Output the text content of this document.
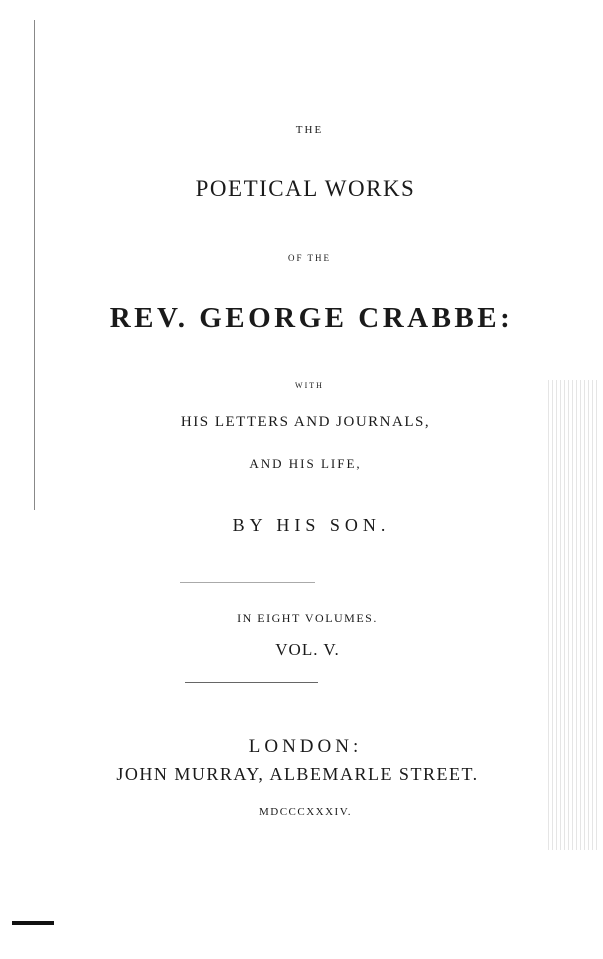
THE
POETICAL WORKS
OF THE
REV. GEORGE CRABBE:
WITH
HIS LETTERS AND JOURNALS,
AND HIS LIFE,
BY HIS SON.
IN EIGHT VOLUMES.
VOL. V.
LONDON:
JOHN MURRAY, ALBEMARLE STREET.
MDCCCXXXIV.
